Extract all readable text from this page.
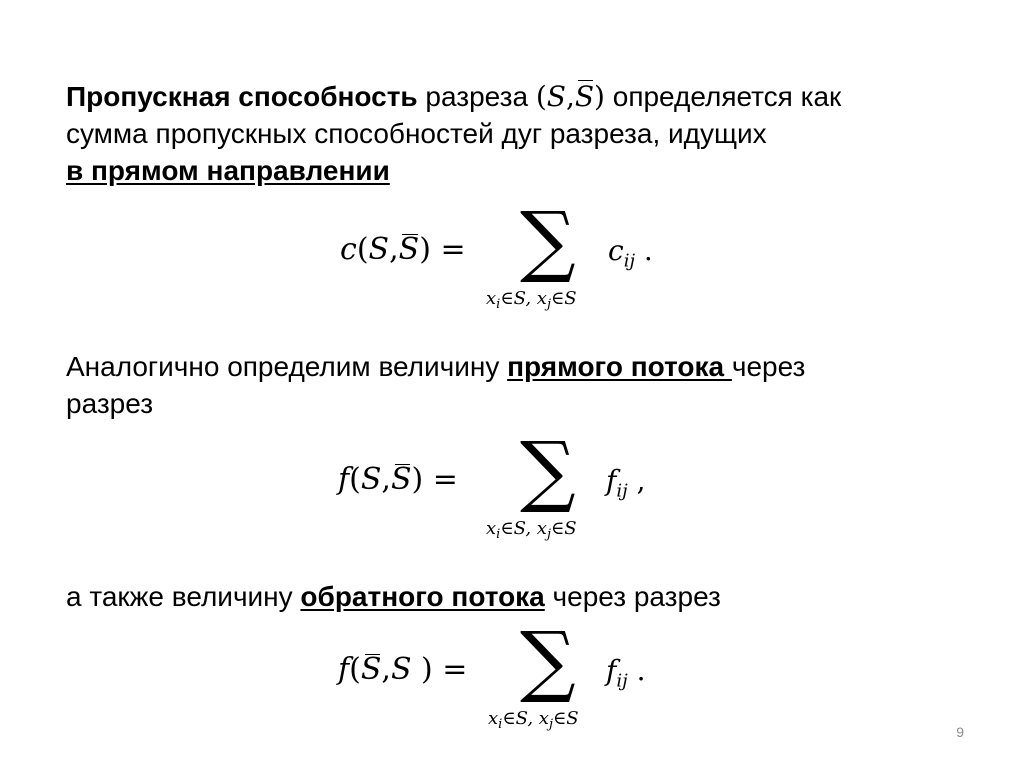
Пропускная способность разреза (S,S) определяется как
сумма пропускных способностей дуг разреза, идущих
в прямом направлении
c(S,S) = ∑ $c_{ij}$ .
$x_i\in S$, $x_j\in S$
Аналогично определим величину прямого потока через
разрез
f(S,S) = ∑ $f_{ij}$ ,
$x_i\in S$, $x_j\in S$
а также величину обратного потока через разрез
f(S,S ) = ∑ $f_{ij}$ .
$x_i\in S$, $x_j\in S$
9
